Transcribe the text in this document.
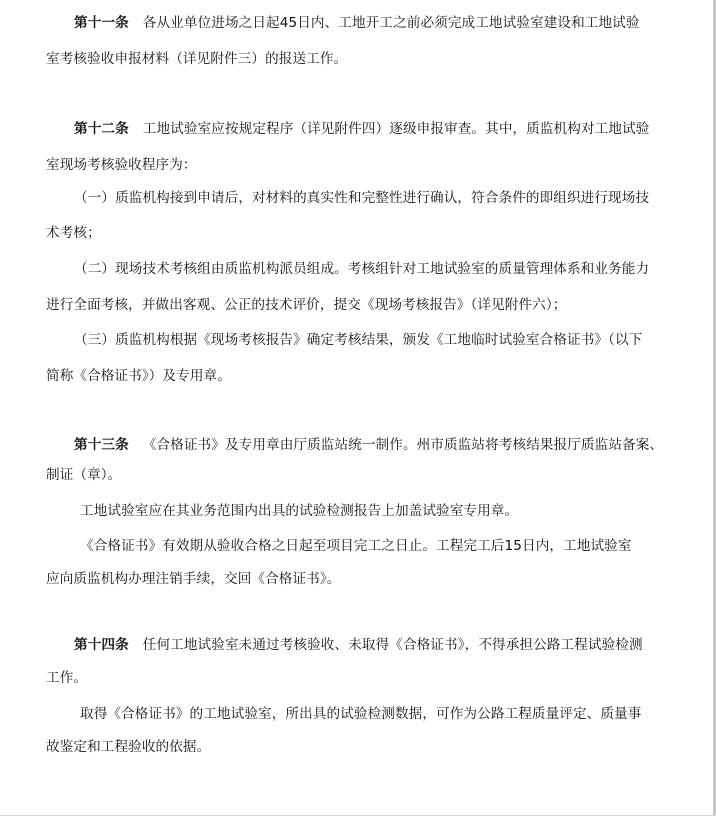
第十一条 各从业单位进场之日起45日内、工地开工之前必须完成工地试验室建设和工地试验
室考核验收申报材料（详见附件三）的报送工作。
第十二条 工地试验室应按规定程序（详见附件四）逐级申报审查。其中，质监机构对工地试验
室现场考核验收程序为：
（一）质监机构接到申请后，对材料的真实性和完整性进行确认，符合条件的即组织进行现场技
术考核；
（二）现场技术考核组由质监机构派员组成。考核组针对工地试验室的质量管理体系和业务能力
进行全面考核，并做出客观、公正的技术评价，提交《现场考核报告》（详见附件六）；
（三）质监机构根据《现场考核报告》确定考核结果，颁发《工地临时试验室合格证书》（以下
简称《合格证书》）及专用章。
第十三条 《合格证书》及专用章由厅质监站统一制作。州市质监站将考核结果报厅质监站备案、
制证（章）。
工地试验室应在其业务范围内出具的试验检测报告上加盖试验室专用章。
《合格证书》有效期从验收合格之日起至项目完工之日止。工程完工后15日内，工地试验室
应向质监机构办理注销手续，交回《合格证书》。
第十四条 任何工地试验室未通过考核验收、未取得《合格证书》，不得承担公路工程试验检测
工作。
取得《合格证书》的工地试验室，所出具的试验检测数据，可作为公路工程质量评定、质量事
故鉴定和工程验收的依据。
